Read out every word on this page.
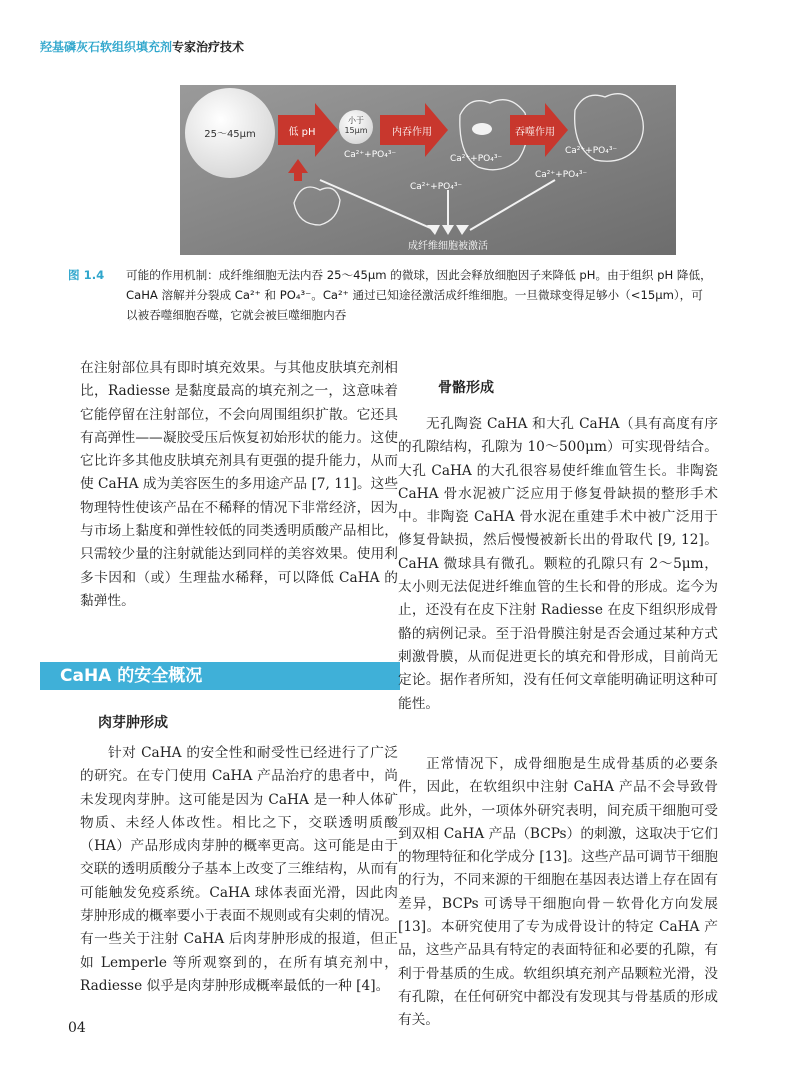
羟基磷灰石软组织填充剂专家治疗技术
25～45μm	低 pH
小于
15μm
Ca²⁺+PO₄³⁻
内吞作用
Ca²⁺+PO₄³⁻
吞噬作用
Ca²⁺+PO₄³⁻
Ca²⁺+PO₄³⁻
Ca²⁺+PO₄³⁻
成纤维细胞被激活
图 1.4	可能的作用机制：成纤维细胞无法内吞 25～45μm 的微球，因此会释放细胞因子来降低 pH。由于组织 pH 降低，
CaHA 溶解并分裂成 Ca²⁺ 和 PO₄³⁻。Ca²⁺ 通过已知途径激活成纤维细胞。一旦微球变得足够小（<15μm），可
以被吞噬细胞吞噬，它就会被巨噬细胞内吞

在注射部位具有即时填充效果。与其他皮肤填充剂相比，Radiesse 是黏度最高的填充剂之一，这意味着它能停留在注射部位，不会向周围组织扩散。它还具有高弹性——凝胶受压后恢复初始形状的能力。这使它比许多其他皮肤填充剂具有更强的提升能力，从而使 CaHA 成为美容医生的多用途产品 [7, 11]。这些物理特性使该产品在不稀释的情况下非常经济，因为与市场上黏度和弹性较低的同类透明质酸产品相比，只需较少量的注射就能达到同样的美容效果。使用利多卡因和（或）生理盐水稀释，可以降低 CaHA 的黏弹性。

CaHA 的安全概况
肉芽肿形成
针对 CaHA 的安全性和耐受性已经进行了广泛的研究。在专门使用 CaHA 产品治疗的患者中，尚未发现肉芽肿。这可能是因为 CaHA 是一种人体矿物质、未经人体改性。相比之下，交联透明质酸（HA）产品形成肉芽肿的概率更高。这可能是由于交联的透明质酸分子基本上改变了三维结构，从而有可能触发免疫系统。CaHA 球体表面光滑，因此肉芽肿形成的概率要小于表面不规则或有尖刺的情况。有一些关于注射 CaHA 后肉芽肿形成的报道，但正如 Lemperle 等所观察到的，在所有填充剂中，Radiesse 似乎是肉芽肿形成概率最低的一种 [4]。
骨骼形成
无孔陶瓷 CaHA 和大孔 CaHA（具有高度有序的孔隙结构，孔隙为 10～500μm）可实现骨结合。大孔 CaHA 的大孔很容易使纤维血管生长。非陶瓷 CaHA 骨水泥被广泛应用于修复骨缺损的整形手术中。非陶瓷 CaHA 骨水泥在重建手术中被广泛用于修复骨缺损，然后慢慢被新长出的骨取代 [9, 12]。CaHA 微球具有微孔。颗粒的孔隙只有 2～5μm，太小则无法促进纤维血管的生长和骨的形成。迄今为止，还没有在皮下注射 Radiesse 在皮下组织形成骨骼的病例记录。至于沿骨膜注射是否会通过某种方式刺激骨膜，从而促进更长的填充和骨形成，目前尚无定论。据作者所知，没有任何文章能明确证明这种可能性。
正常情况下，成骨细胞是生成骨基质的必要条件，因此，在软组织中注射 CaHA 产品不会导致骨形成。此外，一项体外研究表明，间充质干细胞可受到双相 CaHA 产品（BCPs）的刺激，这取决于它们的物理特征和化学成分 [13]。这些产品可调节干细胞的行为，不同来源的干细胞在基因表达谱上存在固有差异，BCPs 可诱导干细胞向骨－软骨化方向发展 [13]。本研究使用了专为成骨设计的特定 CaHA 产品，这些产品具有特定的表面特征和必要的孔隙，有利于骨基质的生成。软组织填充剂产品颗粒光滑，没有孔隙，在任何研究中都没有发现其与骨基质的形成有关。
04
